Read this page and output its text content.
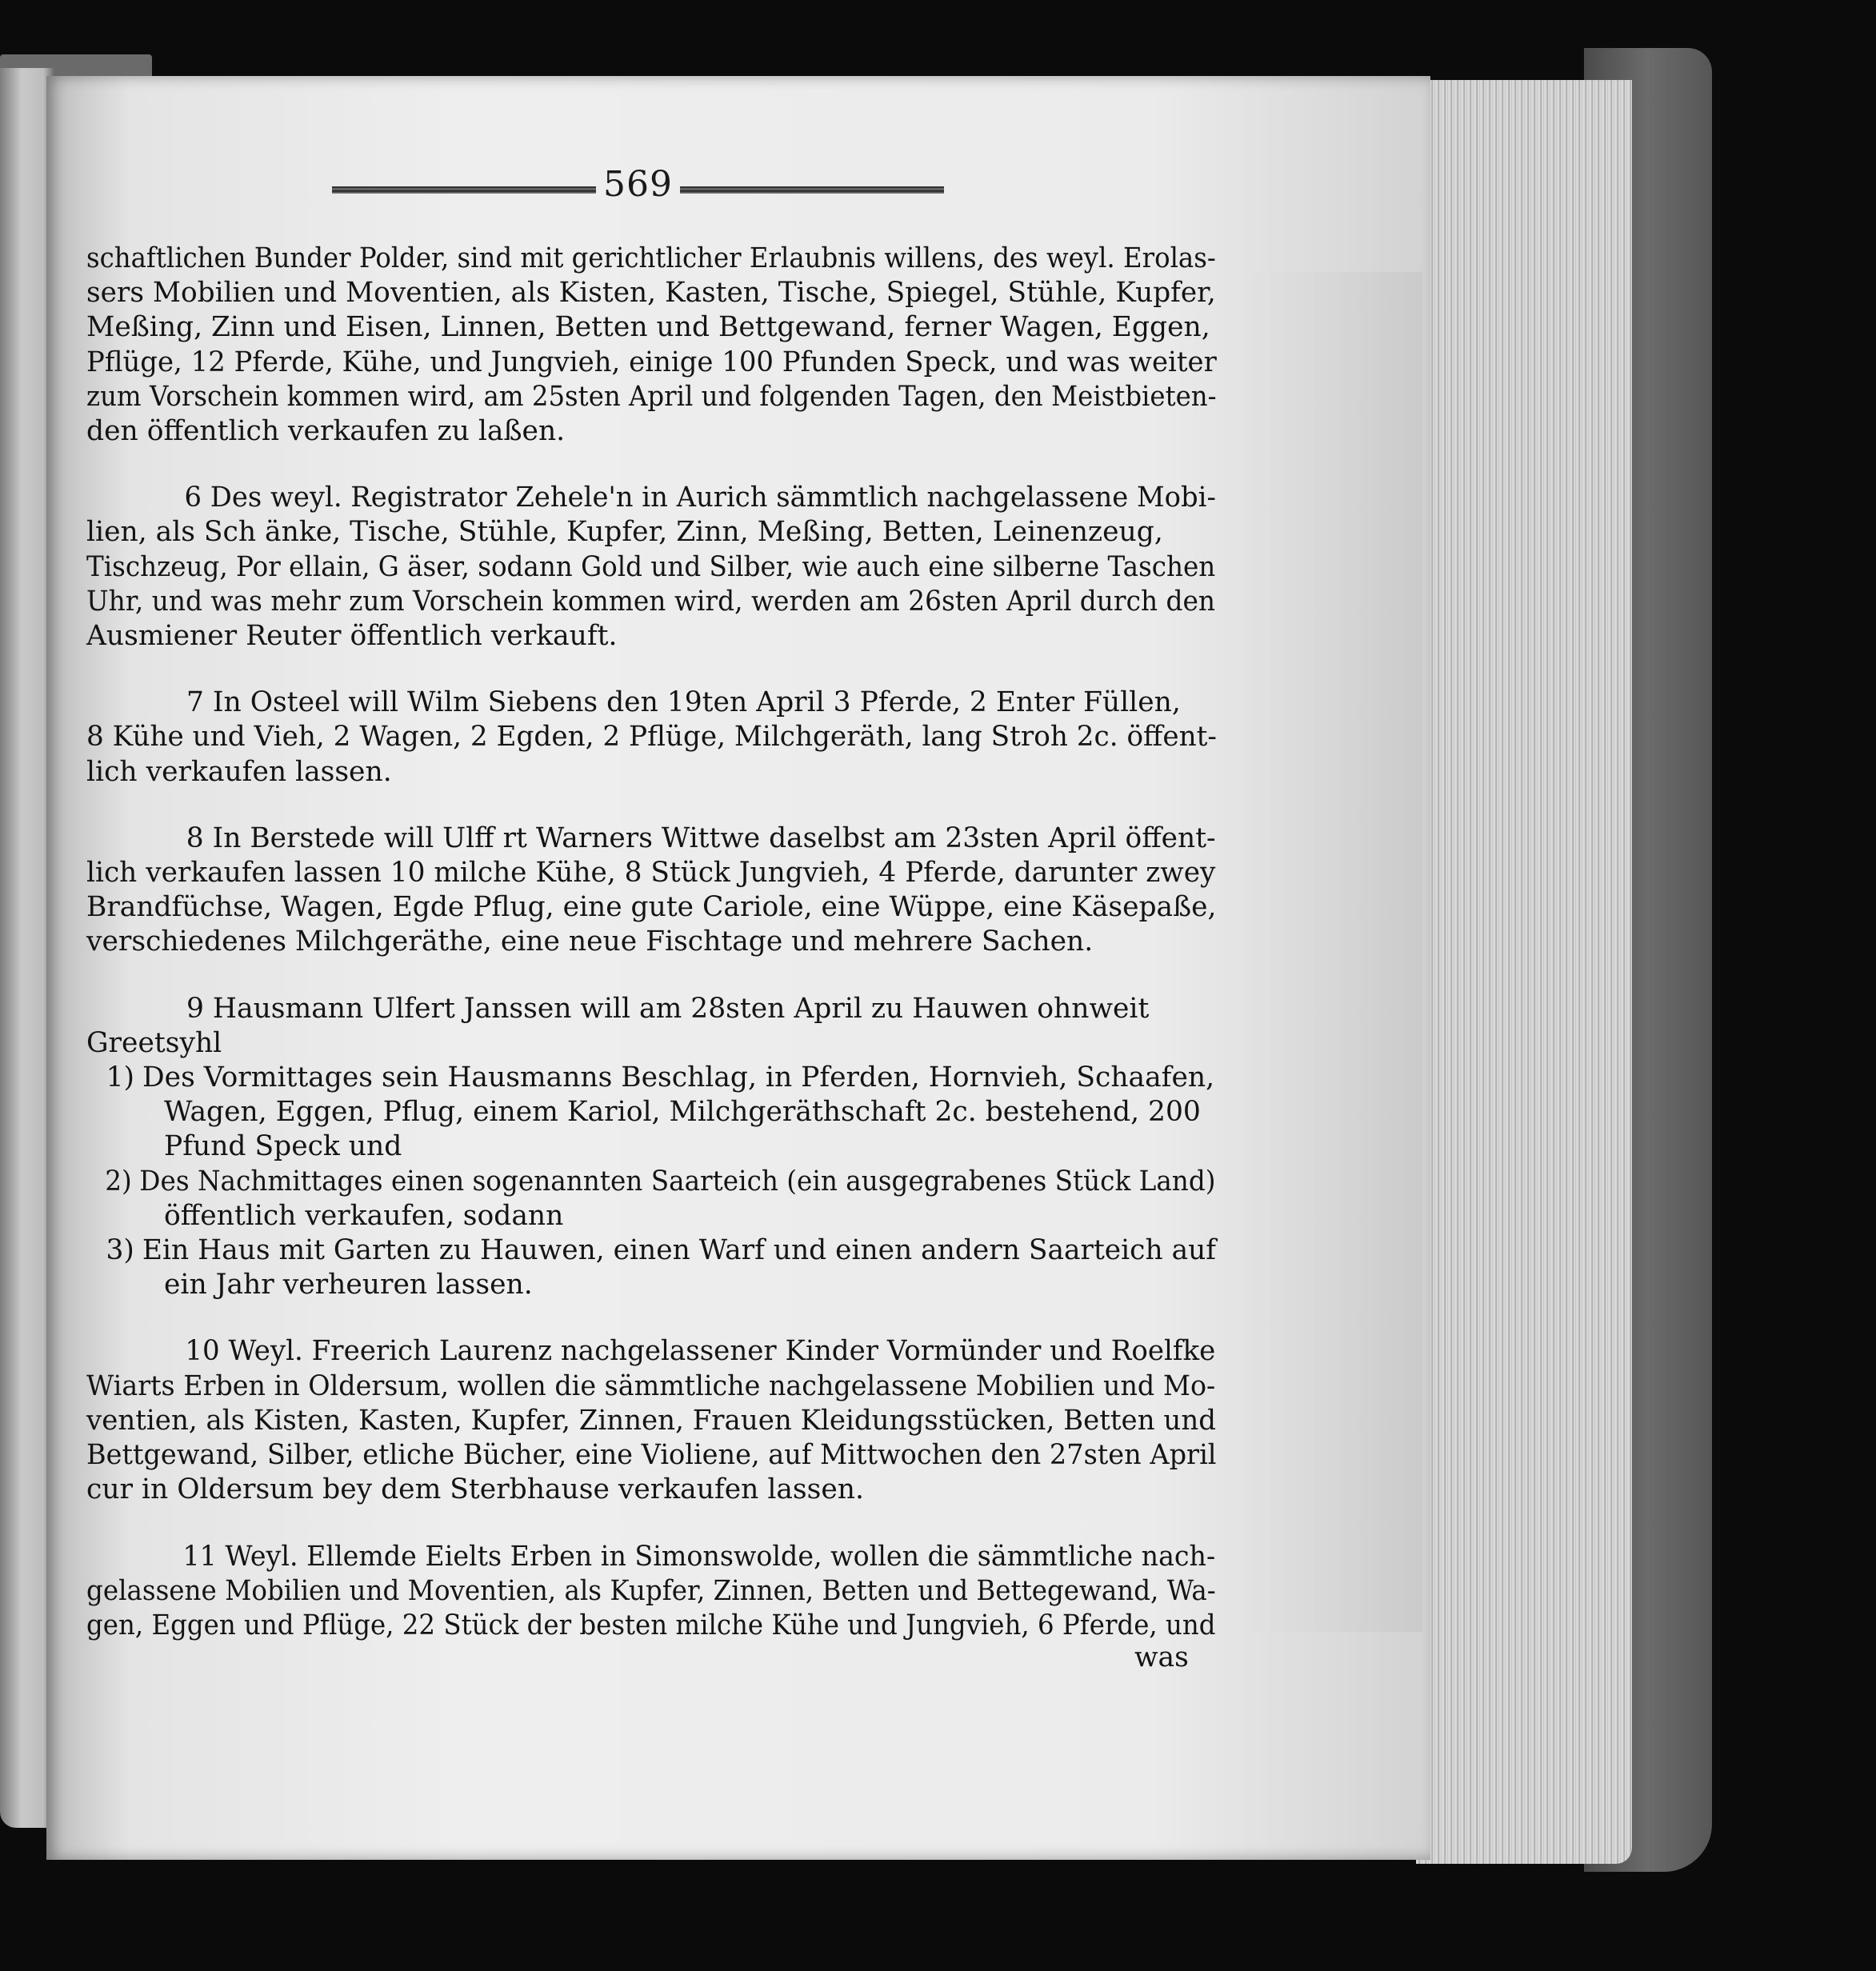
569
schaftlichen Bunder Polder, sind mit gerichtlicher Erlaubnis willens, des weyl. Erolas-
sers Mobilien und Moventien, als Kisten, Kasten, Tische, Spiegel, Stühle, Kupfer,
Meßing, Zinn und Eisen, Linnen, Betten und Bettgewand, ferner Wagen, Eggen,
Pflüge, 12 Pferde, Kühe, und Jungvieh, einige 100 Pfunden Speck, und was weiter
zum Vorschein kommen wird, am 25sten April und folgenden Tagen, den Meistbieten-
den öffentlich verkaufen zu laßen.
6 Des weyl. Registrator Zehele'n in Aurich sämmtlich nachgelassene Mobi-
lien, als Sch änke, Tische, Stühle, Kupfer, Zinn, Meßing, Betten, Leinenzeug,
Tischzeug, Por ellain, G äser, sodann Gold und Silber, wie auch eine silberne Taschen
Uhr, und was mehr zum Vorschein kommen wird, werden am 26sten April durch den
Ausmiener Reuter öffentlich verkauft.
7 In Osteel will Wilm Siebens den 19ten April 3 Pferde, 2 Enter Füllen,
8 Kühe und Vieh, 2 Wagen, 2 Egden, 2 Pflüge, Milchgeräth, lang Stroh 2c. öffent-
lich verkaufen lassen.
8 In Berstede will Ulff rt Warners Wittwe daselbst am 23sten April öffent-
lich verkaufen lassen 10 milche Kühe, 8 Stück Jungvieh, 4 Pferde, darunter zwey
Brandfüchse, Wagen, Egde Pflug, eine gute Cariole, eine Wüppe, eine Käsepaße,
verschiedenes Milchgeräthe, eine neue Fischtage und mehrere Sachen.
9 Hausmann Ulfert Janssen will am 28sten April zu Hauwen ohnweit
Greetsyhl
1) Des Vormittages sein Hausmanns Beschlag, in Pferden, Hornvieh, Schaafen,
Wagen, Eggen, Pflug, einem Kariol, Milchgeräthschaft 2c. bestehend, 200
Pfund Speck und
2) Des Nachmittages einen sogenannten Saarteich (ein ausgegrabenes Stück Land)
öffentlich verkaufen, sodann
3) Ein Haus mit Garten zu Hauwen, einen Warf und einen andern Saarteich auf
ein Jahr verheuren lassen.
10 Weyl. Freerich Laurenz nachgelassener Kinder Vormünder und Roelfke
Wiarts Erben in Oldersum, wollen die sämmtliche nachgelassene Mobilien und Mo-
ventien, als Kisten, Kasten, Kupfer, Zinnen, Frauen Kleidungsstücken, Betten und
Bettgewand, Silber, etliche Bücher, eine Violiene, auf Mittwochen den 27sten April
cur in Oldersum bey dem Sterbhause verkaufen lassen.
11 Weyl. Ellemde Eielts Erben in Simonswolde, wollen die sämmtliche nach-
gelassene Mobilien und Moventien, als Kupfer, Zinnen, Betten und Bettegewand, Wa-
gen, Eggen und Pflüge, 22 Stück der besten milche Kühe und Jungvieh, 6 Pferde, und
was
